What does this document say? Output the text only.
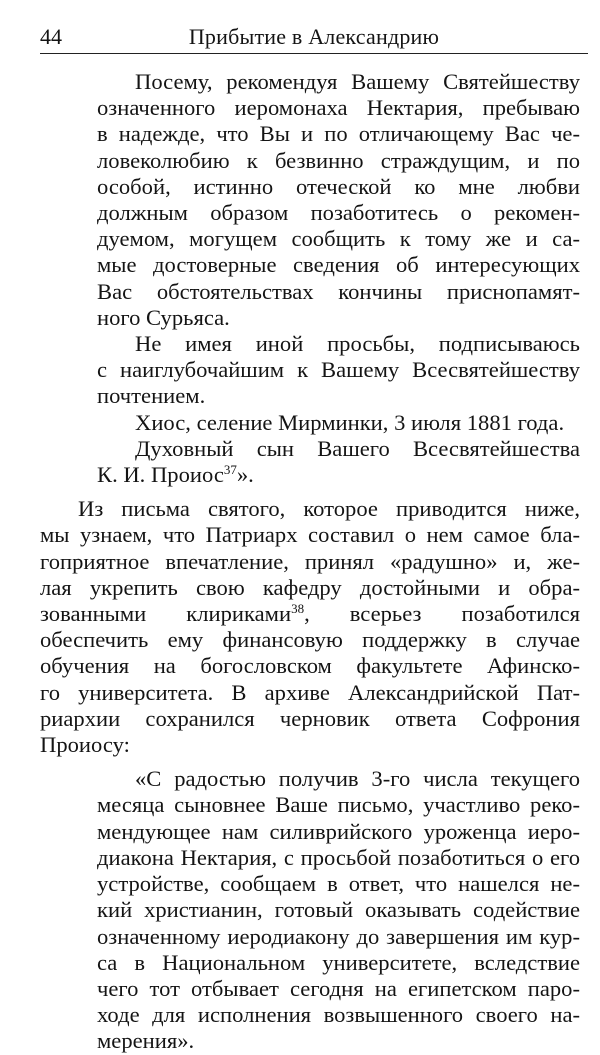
44	Прибытие в Александрию
Посему, рекомендуя Вашему Святейшеству
означенного иеромонаха Нектария, пребываю
в надежде, что Вы и по отличающему Вас че-
ловеколюбию к безвинно страждущим, и по
особой, истинно отеческой ко мне любви
должным образом позаботитесь о рекомен-
дуемом, могущем сообщить к тому же и са-
мые достоверные сведения об интересующих
Вас обстоятельствах кончины приснопамят-
ного Сурьяса.
Не имея иной просьбы, подписываюсь
с наиглубочайшим к Вашему Всесвятейшеству
почтением.
Хиос, селение Мирминки, 3 июля 1881 года.
Духовный сын Вашего Всесвятейшества
К. И. Проиос$^{37}$».
Из письма святого, которое приводится ниже,
мы узнаем, что Патриарх составил о нем самое бла-
гоприятное впечатление, принял «радушно» и, же-
лая укрепить свою кафедру достойными и обра-
зованными клириками$^{38}$, всерьез позаботился
обеспечить ему финансовую поддержку в случае
обучения на богословском факультете Афинско-
го университета. В архиве Александрийской Пат-
риархии сохранился черновик ответа Софрония
Проиосу:
«С радостью получив 3-го числа текущего
месяца сыновнее Ваше письмо, участливо реко-
мендующее нам силиврийского уроженца иеро-
диакона Нектария, с просьбой позаботиться о его
устройстве, сообщаем в ответ, что нашелся не-
кий христианин, готовый оказывать содействие
означенному иеродиакону до завершения им кур-
са в Национальном университете, вследствие
чего тот отбывает сегодня на египетском паро-
ходе для исполнения возвышенного своего на-
мерения».
